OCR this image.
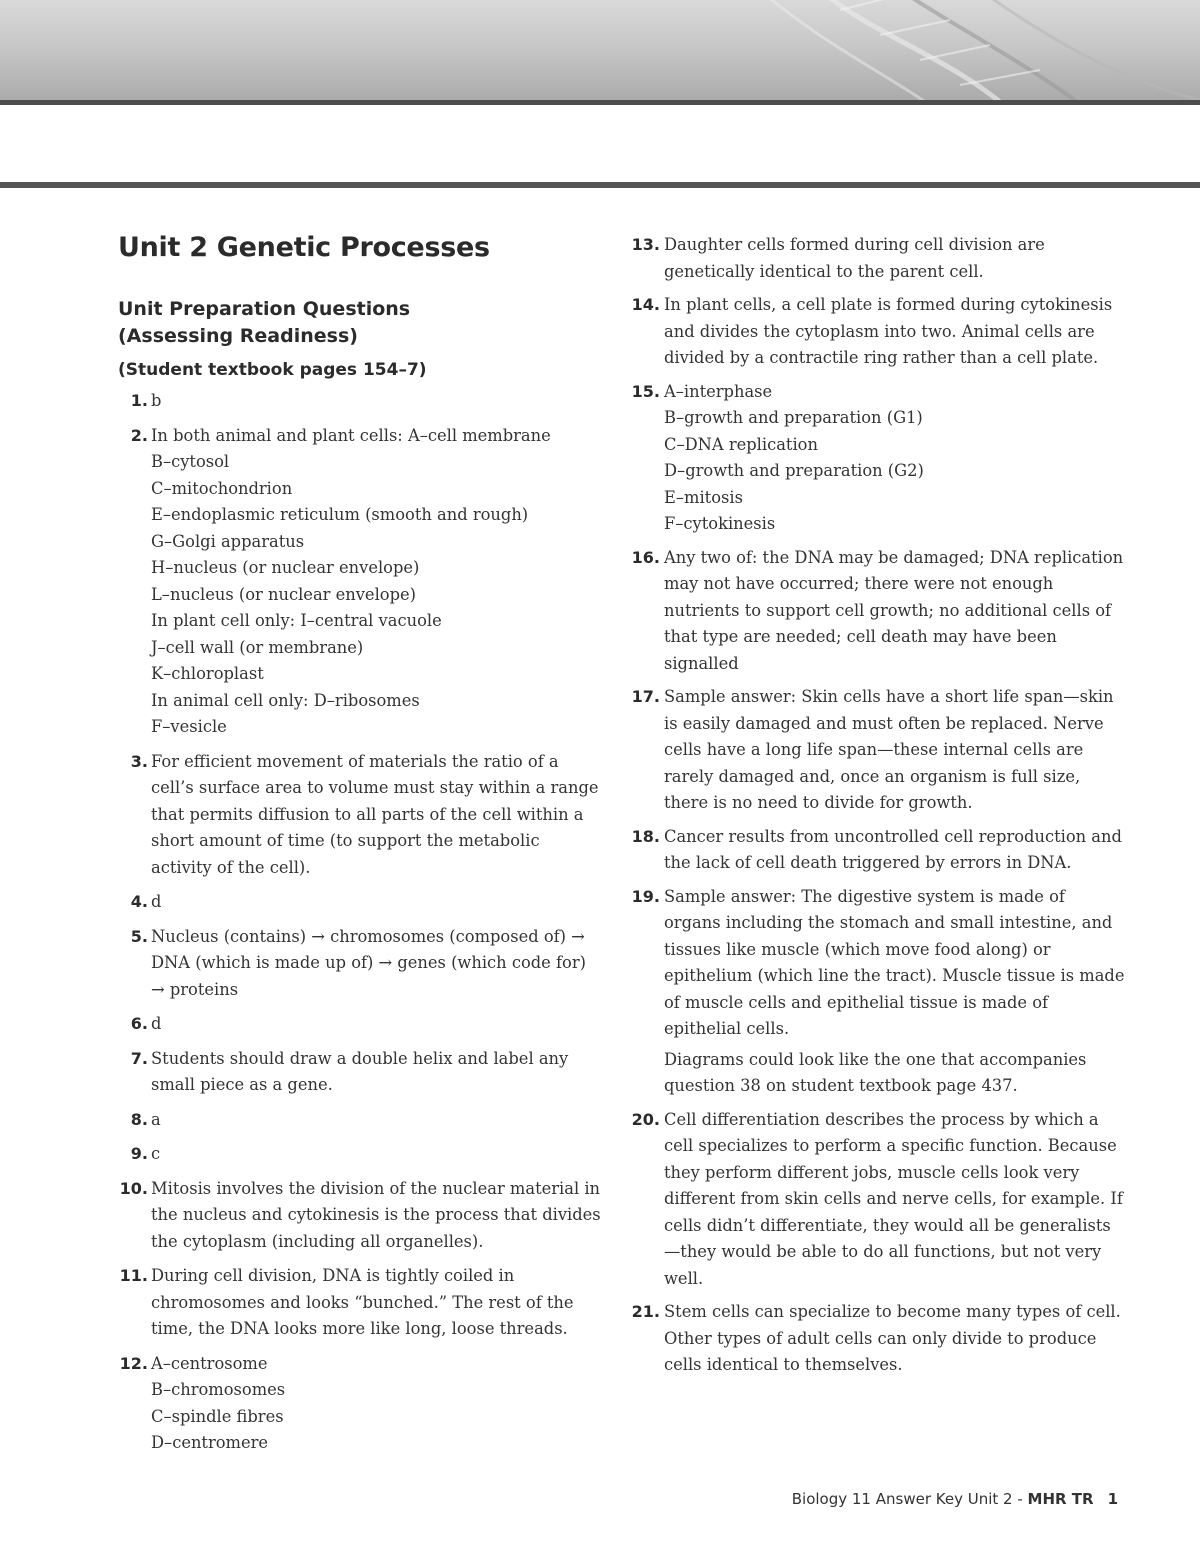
Unit 2 Genetic Processes
Unit Preparation Questions
(Assessing Readiness)
(Student textbook pages 154–7)
1. b
2. In both animal and plant cells: A–cell membrane
B–cytosol
C–mitochondrion
E–endoplasmic reticulum (smooth and rough)
G–Golgi apparatus
H–nucleus (or nuclear envelope)
L–nucleus (or nuclear envelope)
In plant cell only: I–central vacuole
J–cell wall (or membrane)
K–chloroplast
In animal cell only: D–ribosomes
F–vesicle
3. For efficient movement of materials the ratio of a cell’s surface area to volume must stay within a range that permits diffusion to all parts of the cell within a short amount of time (to support the metabolic activity of the cell).
4. d
5. Nucleus (contains) → chromosomes (composed of) → DNA (which is made up of) → genes (which code for) → proteins
6. d
7. Students should draw a double helix and label any small piece as a gene.
8. a
9. c
10. Mitosis involves the division of the nuclear material in the nucleus and cytokinesis is the process that divides the cytoplasm (including all organelles).
11. During cell division, DNA is tightly coiled in chromosomes and looks “bunched.” The rest of the time, the DNA looks more like long, loose threads.
12. A–centrosome
B–chromosomes
C–spindle fibres
D–centromere
13. Daughter cells formed during cell division are genetically identical to the parent cell.
14. In plant cells, a cell plate is formed during cytokinesis and divides the cytoplasm into two. Animal cells are divided by a contractile ring rather than a cell plate.
15. A–interphase
B–growth and preparation (G1)
C–DNA replication
D–growth and preparation (G2)
E–mitosis
F–cytokinesis
16. Any two of: the DNA may be damaged; DNA replication may not have occurred; there were not enough nutrients to support cell growth; no additional cells of that type are needed; cell death may have been signalled
17. Sample answer: Skin cells have a short life span—skin is easily damaged and must often be replaced. Nerve cells have a long life span—these internal cells are rarely damaged and, once an organism is full size, there is no need to divide for growth.
18. Cancer results from uncontrolled cell reproduction and the lack of cell death triggered by errors in DNA.
19. Sample answer: The digestive system is made of organs including the stomach and small intestine, and tissues like muscle (which move food along) or epithelium (which line the tract). Muscle tissue is made of muscle cells and epithelial tissue is made of epithelial cells.
Diagrams could look like the one that accompanies question 38 on student textbook page 437.
20. Cell differentiation describes the process by which a cell specializes to perform a specific function. Because they perform different jobs, muscle cells look very different from skin cells and nerve cells, for example. If cells didn’t differentiate, they would all be generalists—they would be able to do all functions, but not very well.
21. Stem cells can specialize to become many types of cell. Other types of adult cells can only divide to produce cells identical to themselves.
Biology 11 Answer Key Unit 2 - MHR TR 1
